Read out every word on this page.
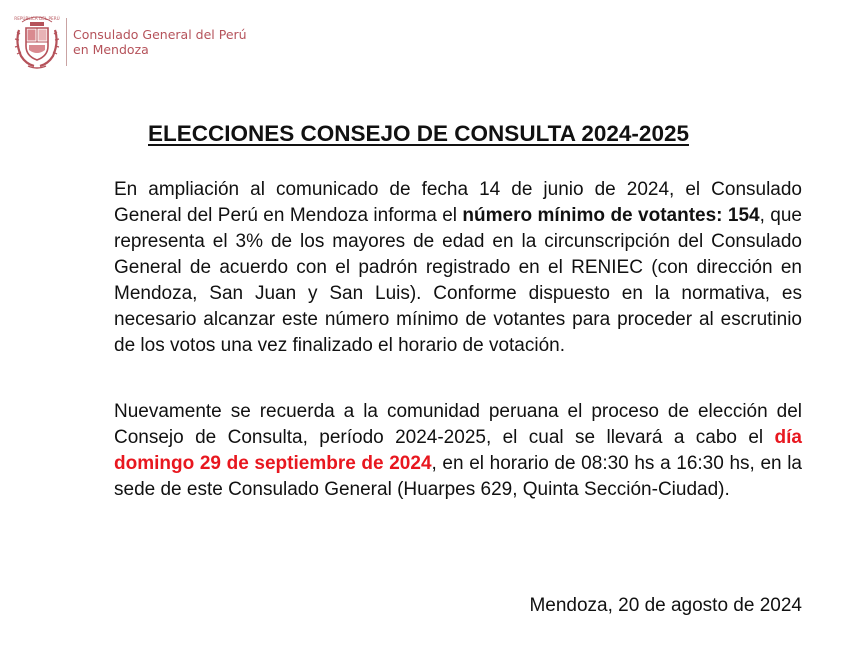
REPÚBLICA DEL PERÚ
Consulado General del Perú
en Mendoza
ELECCIONES CONSEJO DE CONSULTA 2024-2025

En ampliación al comunicado de fecha 14 de junio de 2024, el Consulado General del Perú en Mendoza informa el número mínimo de votantes: 154, que representa el 3% de los mayores de edad en la circunscripción del Consulado General de acuerdo con el padrón registrado en el RENIEC (con dirección en Mendoza, San Juan y San Luis). Conforme dispuesto en la normativa, es necesario alcanzar este número mínimo de votantes para proceder al escrutinio de los votos una vez finalizado el horario de votación.

Nuevamente se recuerda a la comunidad peruana el proceso de elección del Consejo de Consulta, período 2024-2025, el cual se llevará a cabo el día domingo 29 de septiembre de 2024, en el horario de 08:30 hs a 16:30 hs, en la sede de este Consulado General (Huarpes 629, Quinta Sección-Ciudad).

Mendoza, 20 de agosto de 2024
